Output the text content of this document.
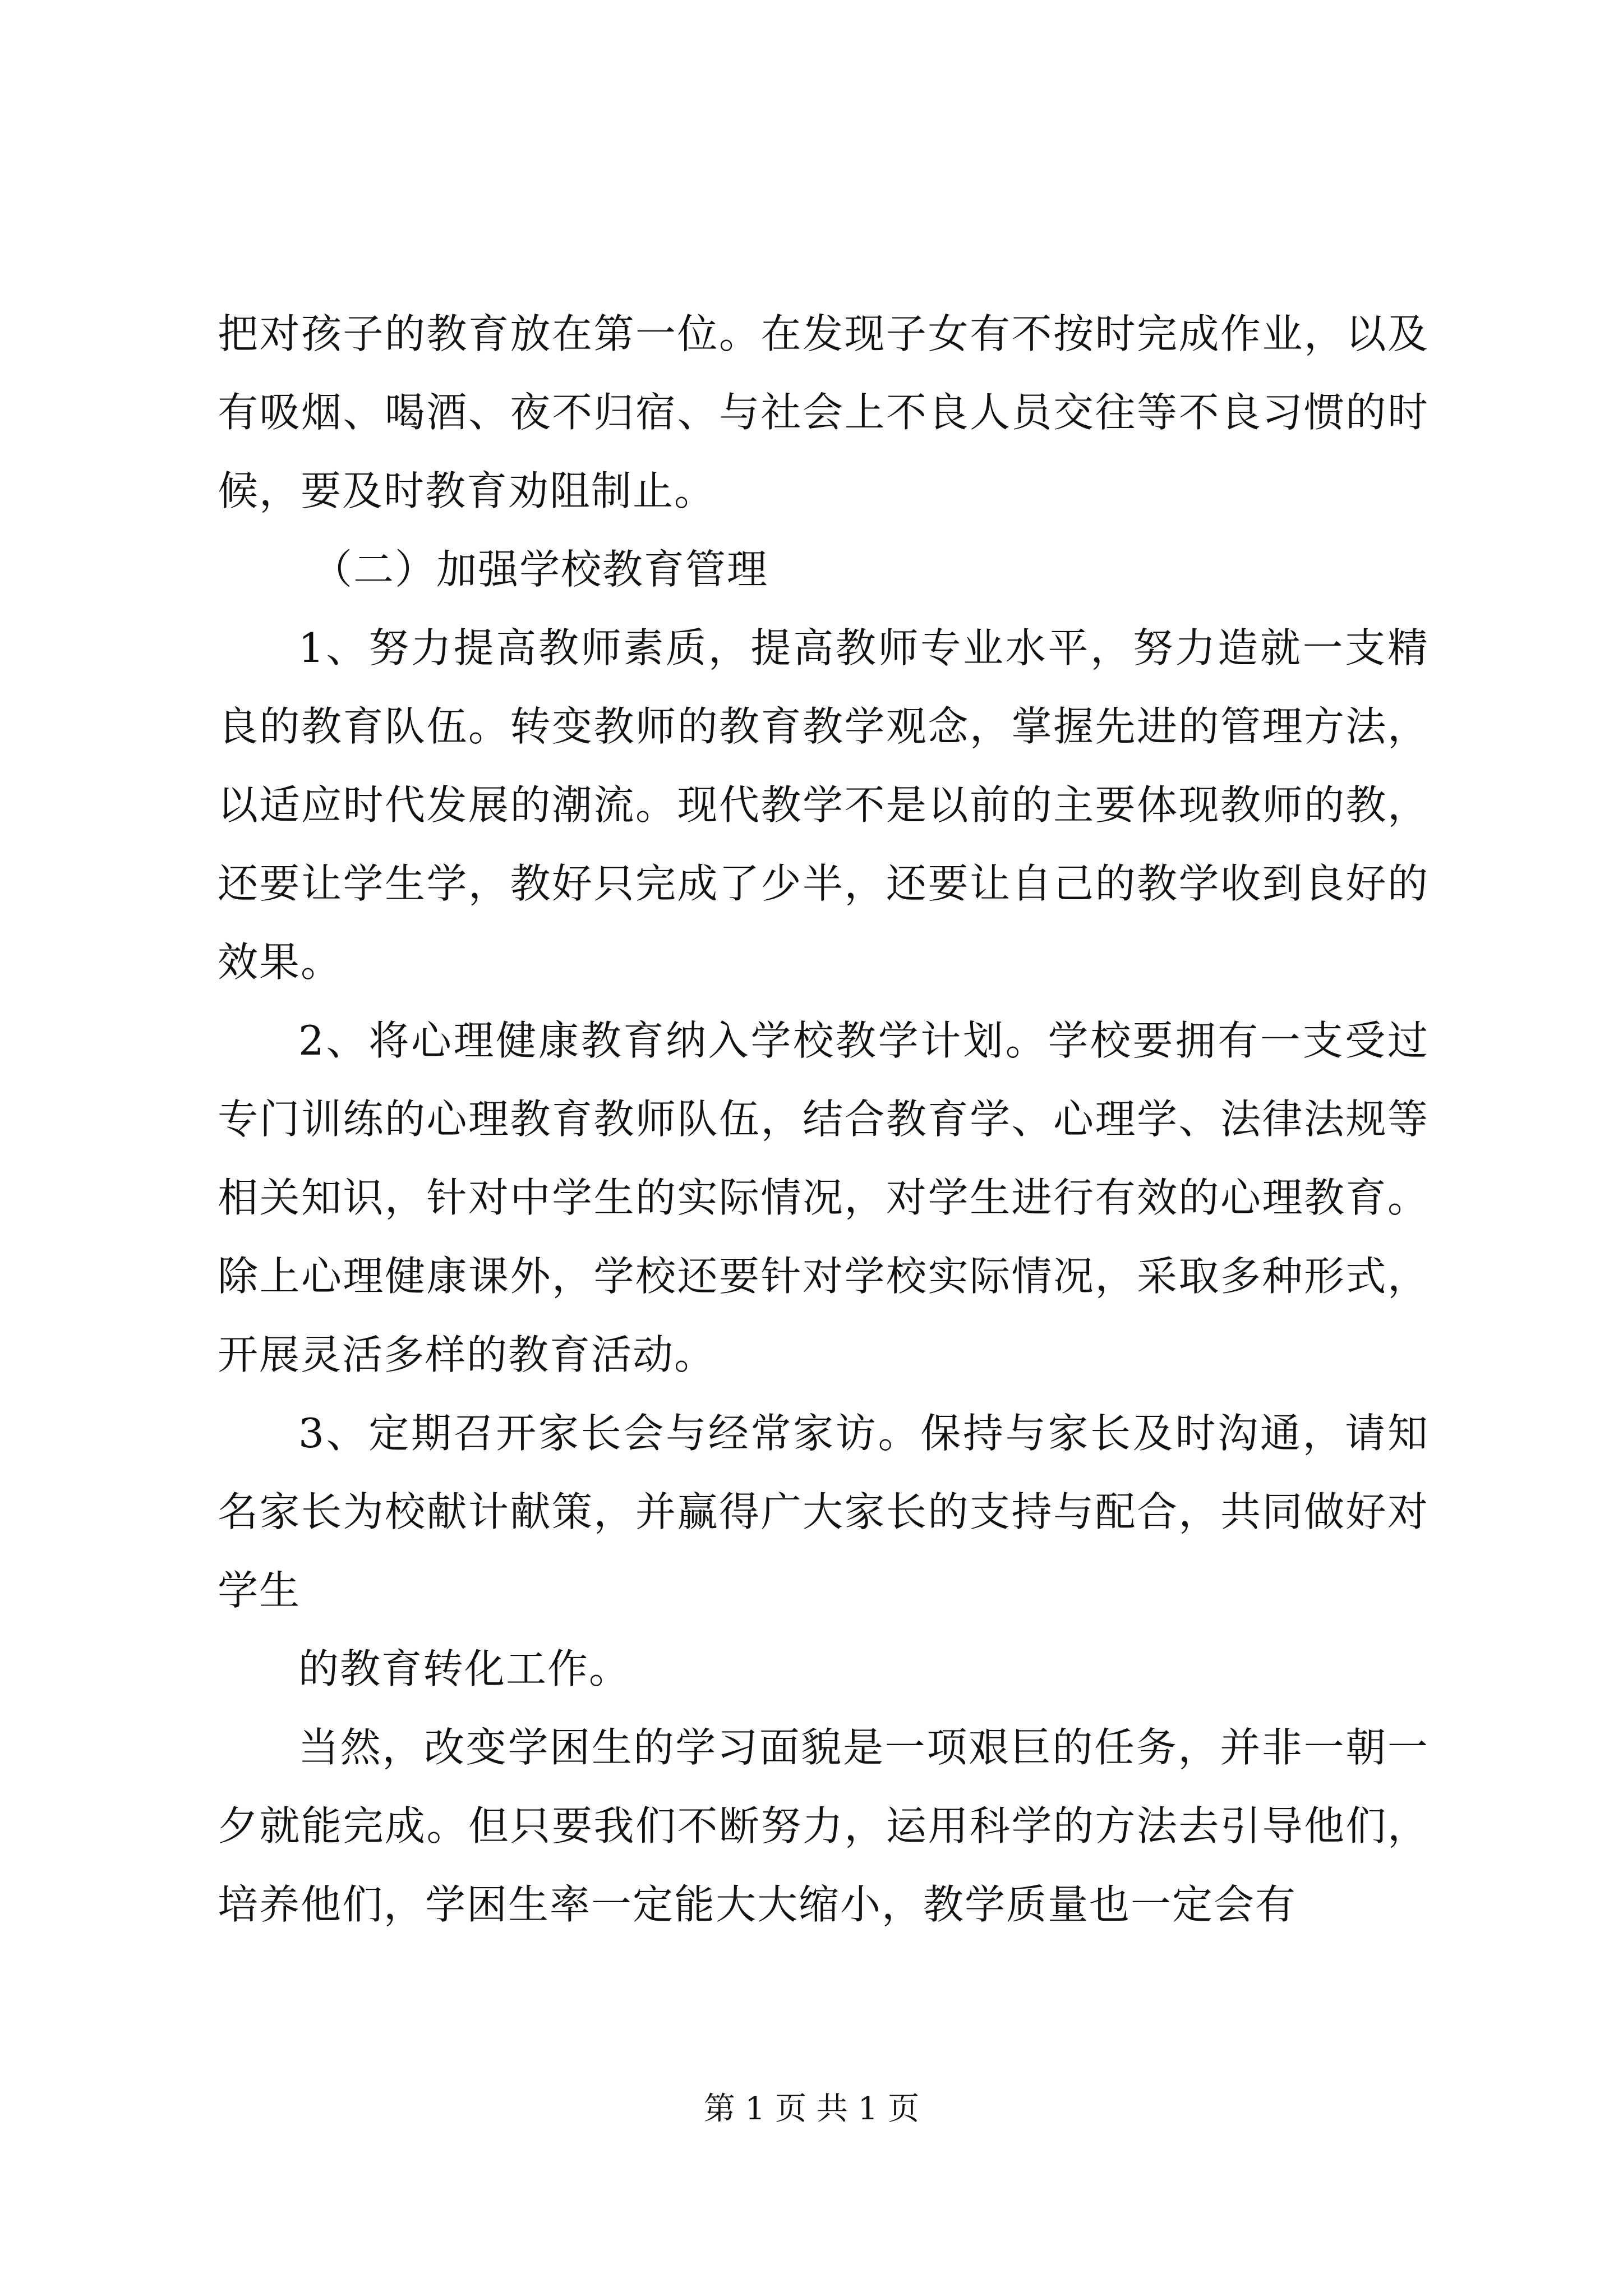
把对孩子的教育放在第一位。在发现子女有不按时完成作业，以及有吸烟、喝酒、夜不归宿、与社会上不良人员交往等不良习惯的时候，要及时教育劝阻制止。

（二）加强学校教育管理

1、努力提高教师素质，提高教师专业水平，努力造就一支精良的教育队伍。转变教师的教育教学观念，掌握先进的管理方法，以适应时代发展的潮流。现代教学不是以前的主要体现教师的教，还要让学生学，教好只完成了少半，还要让自己的教学收到良好的效果。

2、将心理健康教育纳入学校教学计划。学校要拥有一支受过专门训练的心理教育教师队伍，结合教育学、心理学、法律法规等相关知识，针对中学生的实际情况，对学生进行有效的心理教育。除上心理健康课外，学校还要针对学校实际情况，采取多种形式，开展灵活多样的教育活动。

3、定期召开家长会与经常家访。保持与家长及时沟通，请知名家长为校献计献策，并赢得广大家长的支持与配合，共同做好对学生

的教育转化工作。

当然，改变学困生的学习面貌是一项艰巨的任务，并非一朝一夕就能完成。但只要我们不断努力，运用科学的方法去引导他们，培养他们，学困生率一定能大大缩小，教学质量也一定会有

第 1 页 共 1 页
